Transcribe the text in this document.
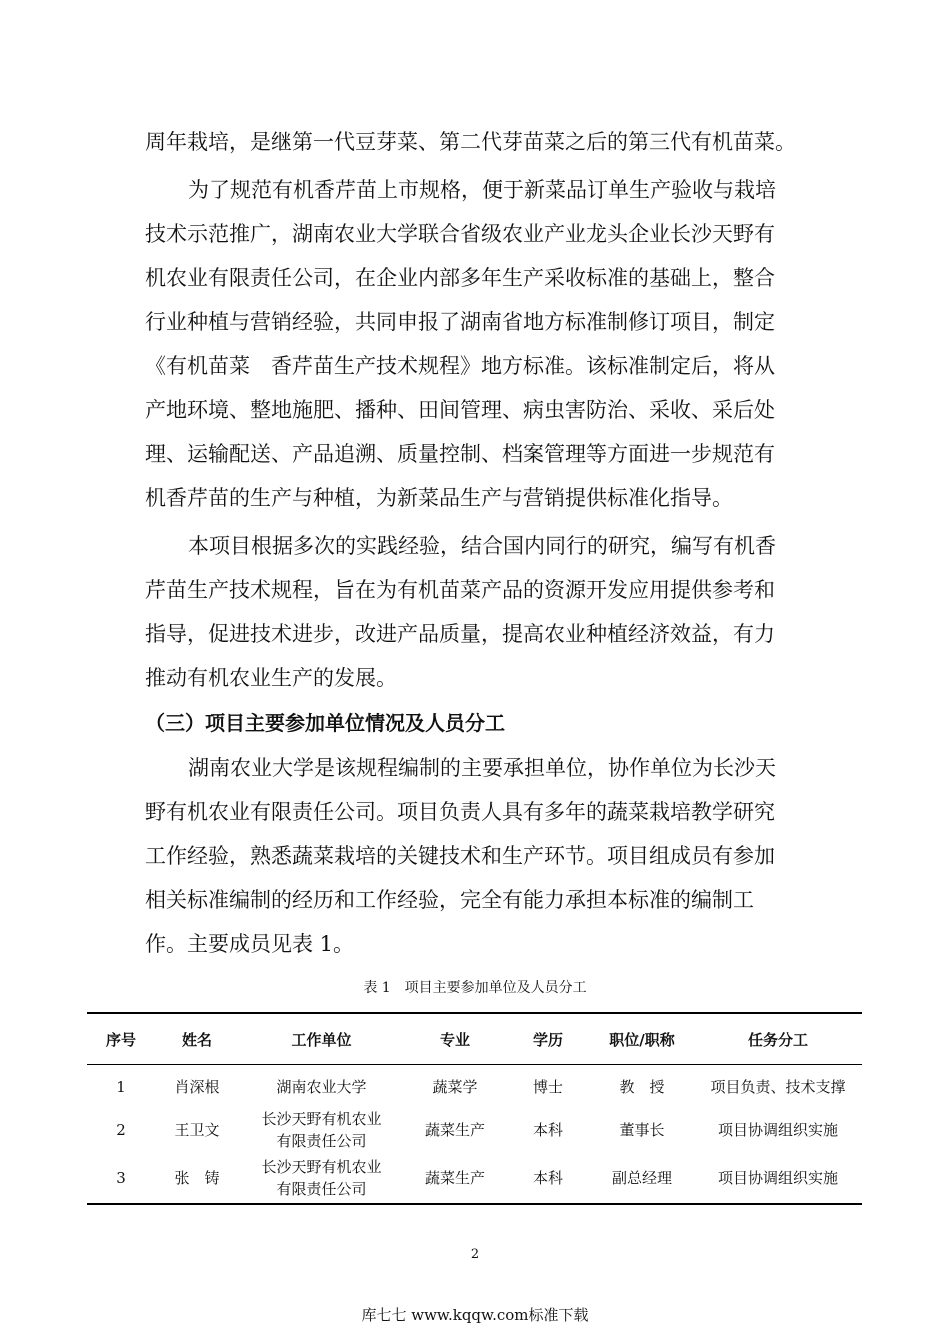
周年栽培，是继第一代豆芽菜、第二代芽苗菜之后的第三代有机苗菜。
为了规范有机香芹苗上市规格，便于新菜品订单生产验收与栽培
技术示范推广，湖南农业大学联合省级农业产业龙头企业长沙天野有
机农业有限责任公司，在企业内部多年生产采收标准的基础上，整合
行业种植与营销经验，共同申报了湖南省地方标准制修订项目，制定
《有机苗菜　香芹苗生产技术规程》地方标准。该标准制定后，将从
产地环境、整地施肥、播种、田间管理、病虫害防治、采收、采后处
理、运输配送、产品追溯、质量控制、档案管理等方面进一步规范有
机香芹苗的生产与种植，为新菜品生产与营销提供标准化指导。
本项目根据多次的实践经验，结合国内同行的研究，编写有机香
芹苗生产技术规程，旨在为有机苗菜产品的资源开发应用提供参考和
指导，促进技术进步，改进产品质量，提高农业种植经济效益，有力
推动有机农业生产的发展。
（三）项目主要参加单位情况及人员分工
湖南农业大学是该规程编制的主要承担单位，协作单位为长沙天
野有机农业有限责任公司。项目负责人具有多年的蔬菜栽培教学研究
工作经验，熟悉蔬菜栽培的关键技术和生产环节。项目组成员有参加
相关标准编制的经历和工作经验，完全有能力承担本标准的编制工
作。主要成员见表 1。
表 1　项目主要参加单位及人员分工
序号	姓名	工作单位	专业	学历	职位/职称	任务分工
1	肖深根	湖南农业大学	蔬菜学	博士	教　授	项目负责、技术支撑
2	王卫文	长沙天野有机农业
有限责任公司	蔬菜生产	本科	董事长	项目协调组织实施
3	张　铸	长沙天野有机农业
有限责任公司	蔬菜生产	本科	副总经理	项目协调组织实施
2
库七七 www.kqqw.com标准下载
